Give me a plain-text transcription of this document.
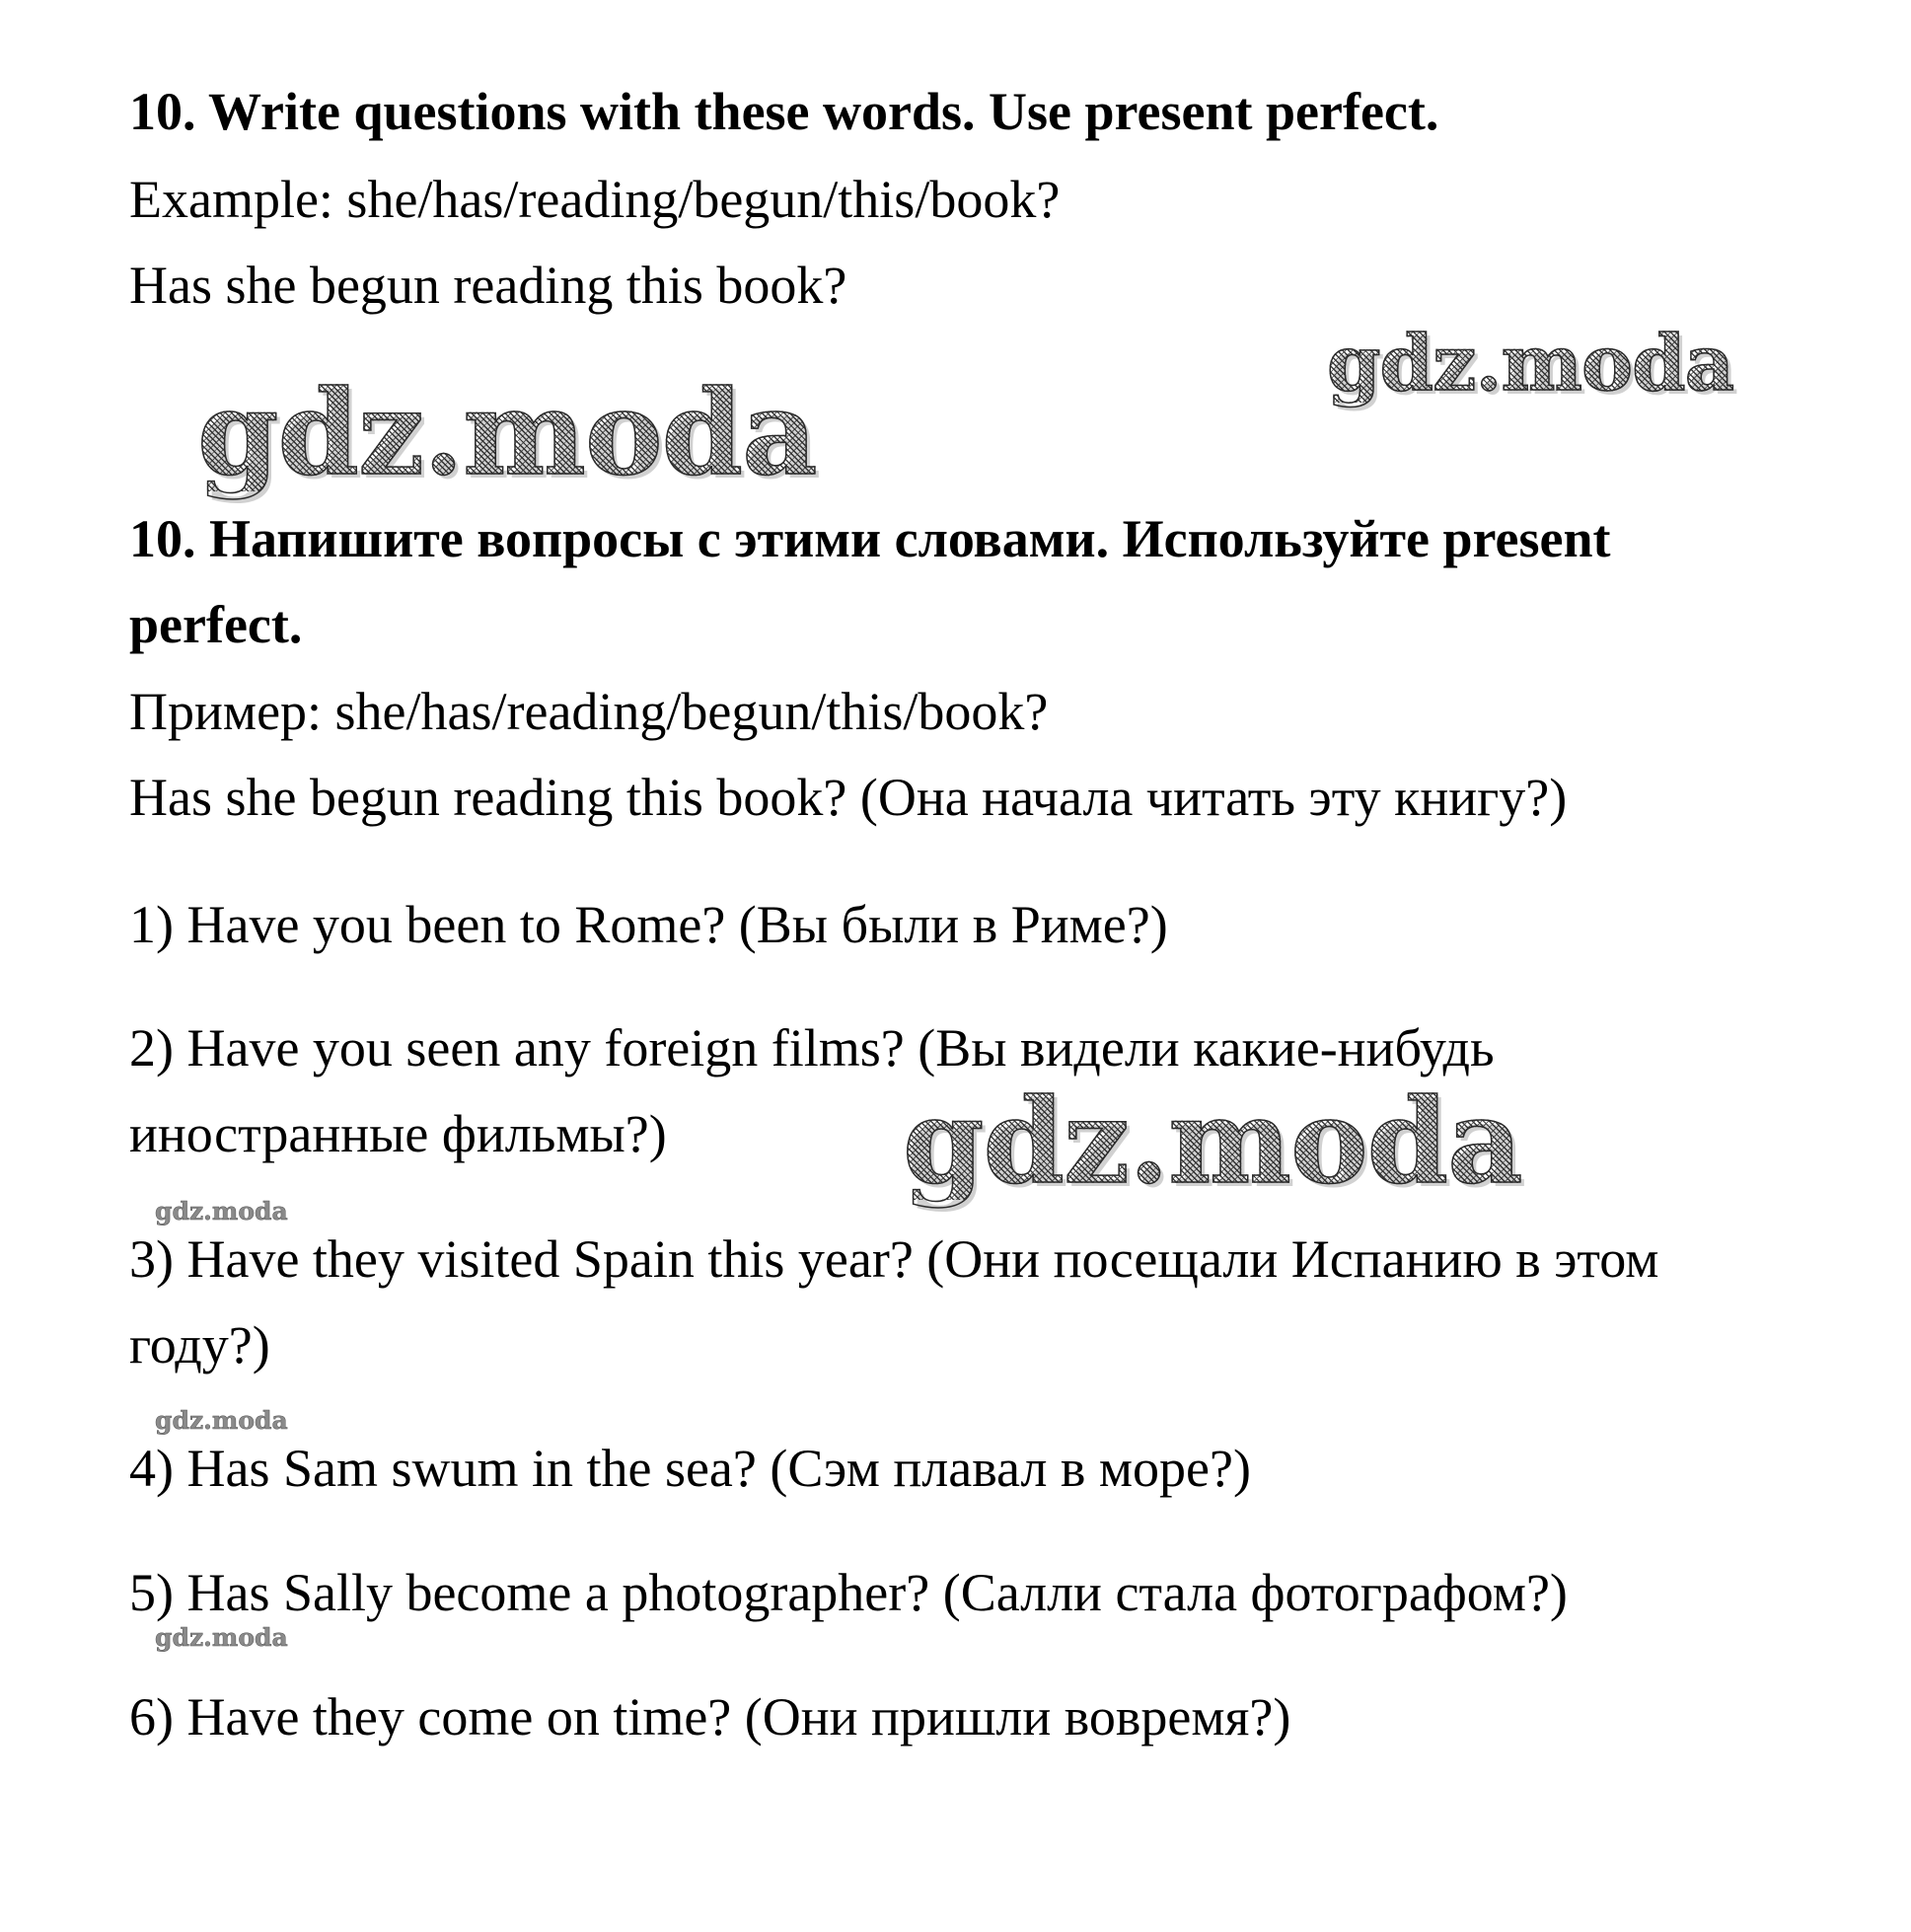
10. Write questions with these words. Use present perfect.
Example: she/has/reading/begun/this/book?
Has she begun reading this book?
gdz.moda
gdz.moda
10. Напишите вопросы с этими словами. Используйте present
perfect.
Пример: she/has/reading/begun/this/book?
Has she begun reading this book? (Она начала читать эту книгу?)
1) Have you been to Rome? (Вы были в Риме?)
2) Have you seen any foreign films? (Вы видели какие-нибудь
иностранные фильмы?) gdz.moda
gdz.moda
3) Have they visited Spain this year? (Они посещали Испанию в этом
году?)
gdz.moda
4) Has Sam swum in the sea? (Сэм плавал в море?)
5) Has Sally become a photographer? (Салли стала фотографом?)
gdz.moda
6) Have they come on time? (Они пришли вовремя?)
